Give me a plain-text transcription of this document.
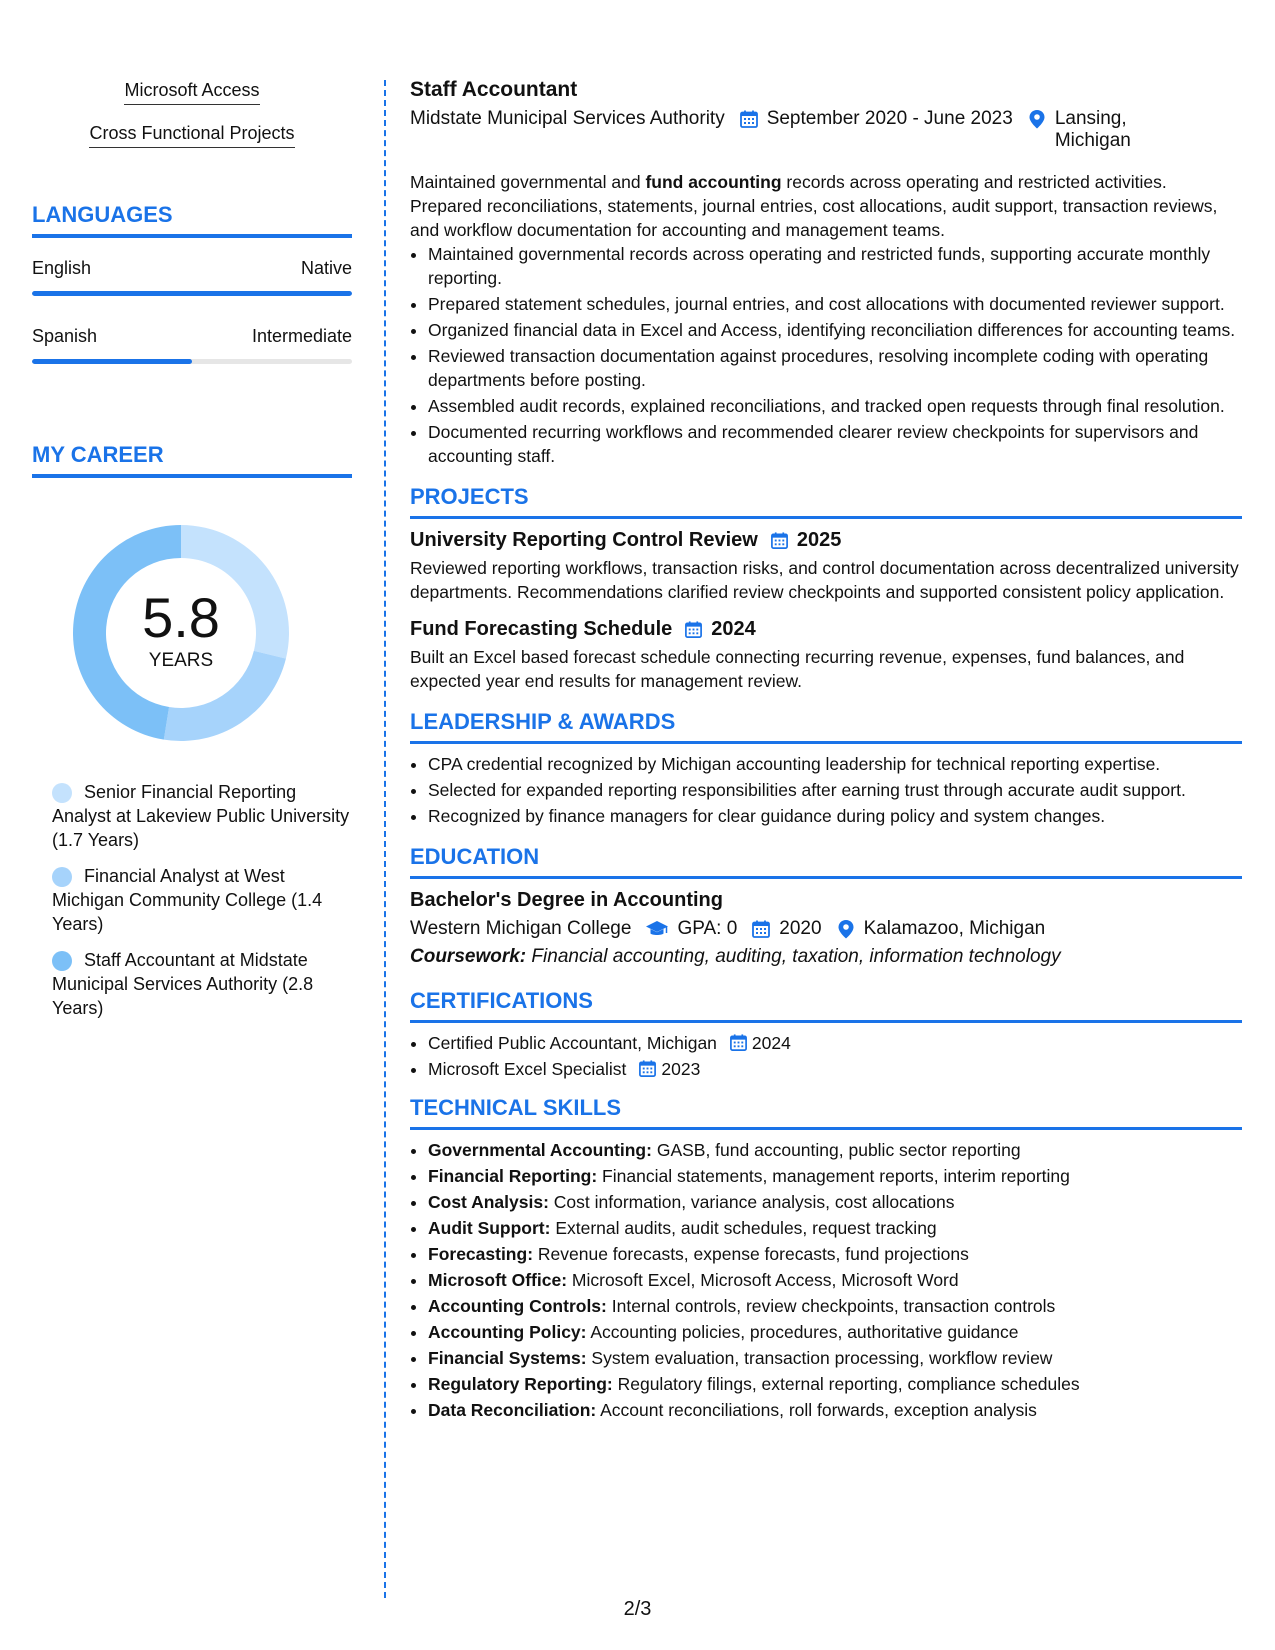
Microsoft Access
Cross Functional Projects
LANGUAGES
English	Native
Spanish	Intermediate
MY CAREER
5.8
YEARS
Senior Financial Reporting Analyst at Lakeview Public University (1.7 Years)
Financial Analyst at West Michigan Community College (1.4 Years)
Staff Accountant at Midstate Municipal Services Authority (2.8 Years)
Staff Accountant
Midstate Municipal Services Authority September 2020 - June 2023 Lansing, Michigan

Maintained governmental and fund accounting records across operating and restricted activities. Prepared reconciliations, statements, journal entries, cost allocations, audit support, transaction reviews, and workflow documentation for accounting and management teams.

• Maintained governmental records across operating and restricted funds, supporting accurate monthly reporting.
• Prepared statement schedules, journal entries, and cost allocations with documented reviewer support.
• Organized financial data in Excel and Access, identifying reconciliation differences for accounting teams.
• Reviewed transaction documentation against procedures, resolving incomplete coding with operating departments before posting.
• Assembled audit records, explained reconciliations, and tracked open requests through final resolution.
• Documented recurring workflows and recommended clearer review checkpoints for supervisors and accounting staff.
PROJECTS
University Reporting Control Review 2025

Reviewed reporting workflows, transaction risks, and control documentation across decentralized university departments. Recommendations clarified review checkpoints and supported consistent policy application.

Fund Forecasting Schedule 2024

Built an Excel based forecast schedule connecting recurring revenue, expenses, fund balances, and expected year end results for management review.

LEADERSHIP & AWARDS
• CPA credential recognized by Michigan accounting leadership for technical reporting expertise.
• Selected for expanded reporting responsibilities after earning trust through accurate audit support.
• Recognized by finance managers for clear guidance during policy and system changes.
EDUCATION
Bachelor's Degree in Accounting
Western Michigan College GPA: 0 2020 Kalamazoo, Michigan
Coursework: Financial accounting, auditing, taxation, information technology
CERTIFICATIONS
• Certified Public Accountant, Michigan 2024
• Microsoft Excel Specialist 2023
TECHNICAL SKILLS
• Governmental Accounting: GASB, fund accounting, public sector reporting
• Financial Reporting: Financial statements, management reports, interim reporting
• Cost Analysis: Cost information, variance analysis, cost allocations
• Audit Support: External audits, audit schedules, request tracking
• Forecasting: Revenue forecasts, expense forecasts, fund projections
• Microsoft Office: Microsoft Excel, Microsoft Access, Microsoft Word
• Accounting Controls: Internal controls, review checkpoints, transaction controls
• Accounting Policy: Accounting policies, procedures, authoritative guidance
• Financial Systems: System evaluation, transaction processing, workflow review
• Regulatory Reporting: Regulatory filings, external reporting, compliance schedules
• Data Reconciliation: Account reconciliations, roll forwards, exception analysis
2/3
